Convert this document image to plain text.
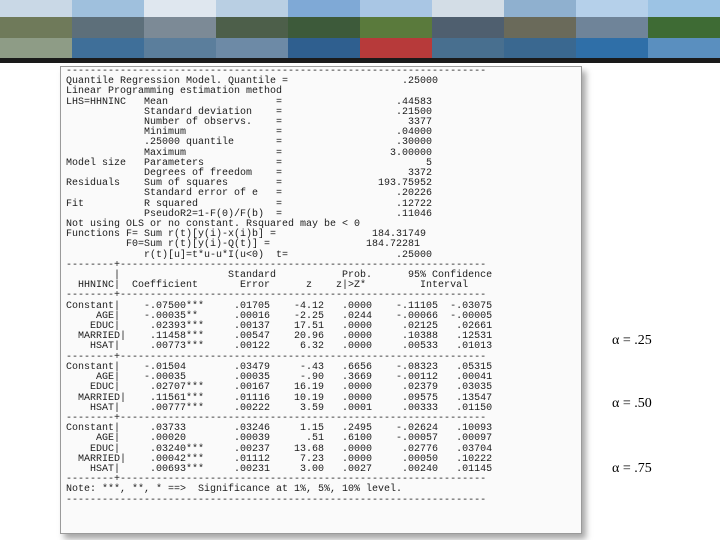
----------------------------------------------------------------------
Quantile Regression Model. Quantile =                   .25000
Linear Programming estimation method
LHS=HHNINC   Mean                  =                   .44583
Standard deviation    =                   .21500
Number of observs.    =                     3377
Minimum               =                   .04000
.25000 quantile       =                   .30000
Maximum               =                  3.00000
Model size   Parameters            =                        5
Degrees of freedom    =                     3372
Residuals    Sum of squares        =                193.75952
Standard error of e   =                   .20226
Fit          R squared             =                   .12722
PseudoR2=1-F(0)/F(b)  =                   .11046
Not using OLS or no constant. Rsquared may be < 0
Functions F= Sum r(t)[y(i)-x(i)b] =                184.31749
F0=Sum r(t)[y(i)-Q(t)] =                184.72281
r(t)[u]=t*u-u*I(u<0)  t=                  .25000
--------+-------------------------------------------------------------
|                  Standard           Prob.      95% Confidence
HHNINC|  Coefficient       Error      z    z|>Z*         Interval
--------+-------------------------------------------------------------
Constant|    -.07500***     .01705    -4.12   .0000    -.11105  -.03075
AGE|    -.00035**      .00016    -2.25   .0244    -.00066  -.00005
EDUC|     .02393***     .00137    17.51   .0000     .02125   .02661
MARRIED|    .11458***     .00547    20.96   .0000     .10388   .12531
HSAT|     .00773***     .00122     6.32   .0000     .00533   .01013
--------+-------------------------------------------------------------
Constant|    -.01504        .03479     -.43   .6656    -.08323   .05315
AGE|    -.00035        .00035     -.90   .3669    -.00112   .00041
EDUC|     .02707***     .00167    16.19   .0000     .02379   .03035
MARRIED|    .11561***     .01116    10.19   .0000     .09575   .13547
HSAT|     .00777***     .00222     3.59   .0001     .00333   .01150
--------+-------------------------------------------------------------
Constant|     .03733        .03246     1.15   .2495    -.02624   .10093
AGE|     .00020        .00039      .51   .6100    -.00057   .00097
EDUC|     .03240***     .00237    13.68   .0000     .02776   .03704
MARRIED|    .00042***     .01112     7.23   .0000     .00050   .10222
HSAT|     .00693***     .00231     3.00   .0027     .00240   .01145
--------+-------------------------------------------------------------
Note: ***, **, * ==>  Significance at 1%, 5%, 10% level.
----------------------------------------------------------------------

α = .25
α = .50
α = .75
